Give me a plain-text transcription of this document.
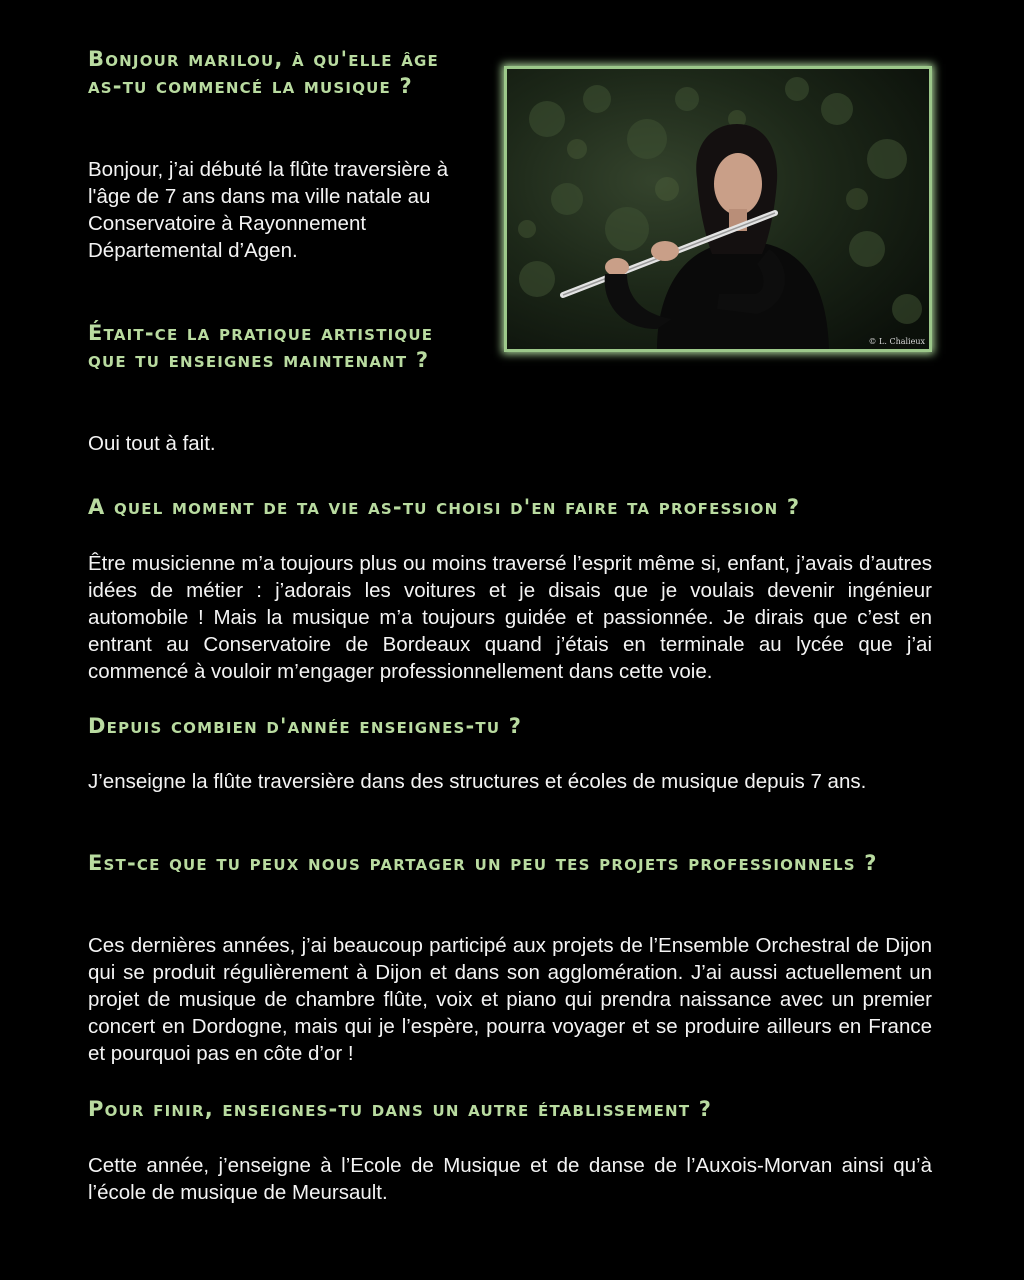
Bonjour marilou, à qu'elle âge as-tu commencé la musique ?

Bonjour, j’ai débuté la flûte traversière à l'âge de 7 ans dans ma ville natale au Conservatoire à Rayonnement Départemental d’Agen.

Était-ce la pratique artistique que tu enseignes maintenant ?

Oui tout à fait.

© L. Chalieux
A quel moment de ta vie as-tu choisi d'en faire ta profession ?

Être musicienne m’a toujours plus ou moins traversé l’esprit même si, enfant, j’avais d’autres idées de métier : j’adorais les voitures et je disais que je voulais devenir ingénieur automobile ! Mais la musique m’a toujours guidée et passionnée. Je dirais que c’est en entrant au Conservatoire de Bordeaux quand j’étais en terminale au lycée que j’ai commencé à vouloir m’engager professionnellement dans cette voie.

Depuis combien d'année enseignes-tu ?

J’enseigne la flûte traversière dans des structures et écoles de musique depuis 7 ans.

Est-ce que tu peux nous partager un peu tes projets professionnels ?

Ces dernières années, j’ai beaucoup participé aux projets de l’Ensemble Orchestral de Dijon qui se produit régulièrement à Dijon et dans son agglomération. J’ai aussi actuellement un projet de musique de chambre flûte, voix et piano qui prendra naissance avec un premier concert en Dordogne, mais qui je l’espère, pourra voyager et se produire ailleurs en France et pourquoi pas en côte d’or !

Pour finir, enseignes-tu dans un autre établissement ?

Cette année, j’enseigne à l’Ecole de Musique et de danse de l’Auxois-Morvan ainsi qu’à l’école de musique de Meursault.
